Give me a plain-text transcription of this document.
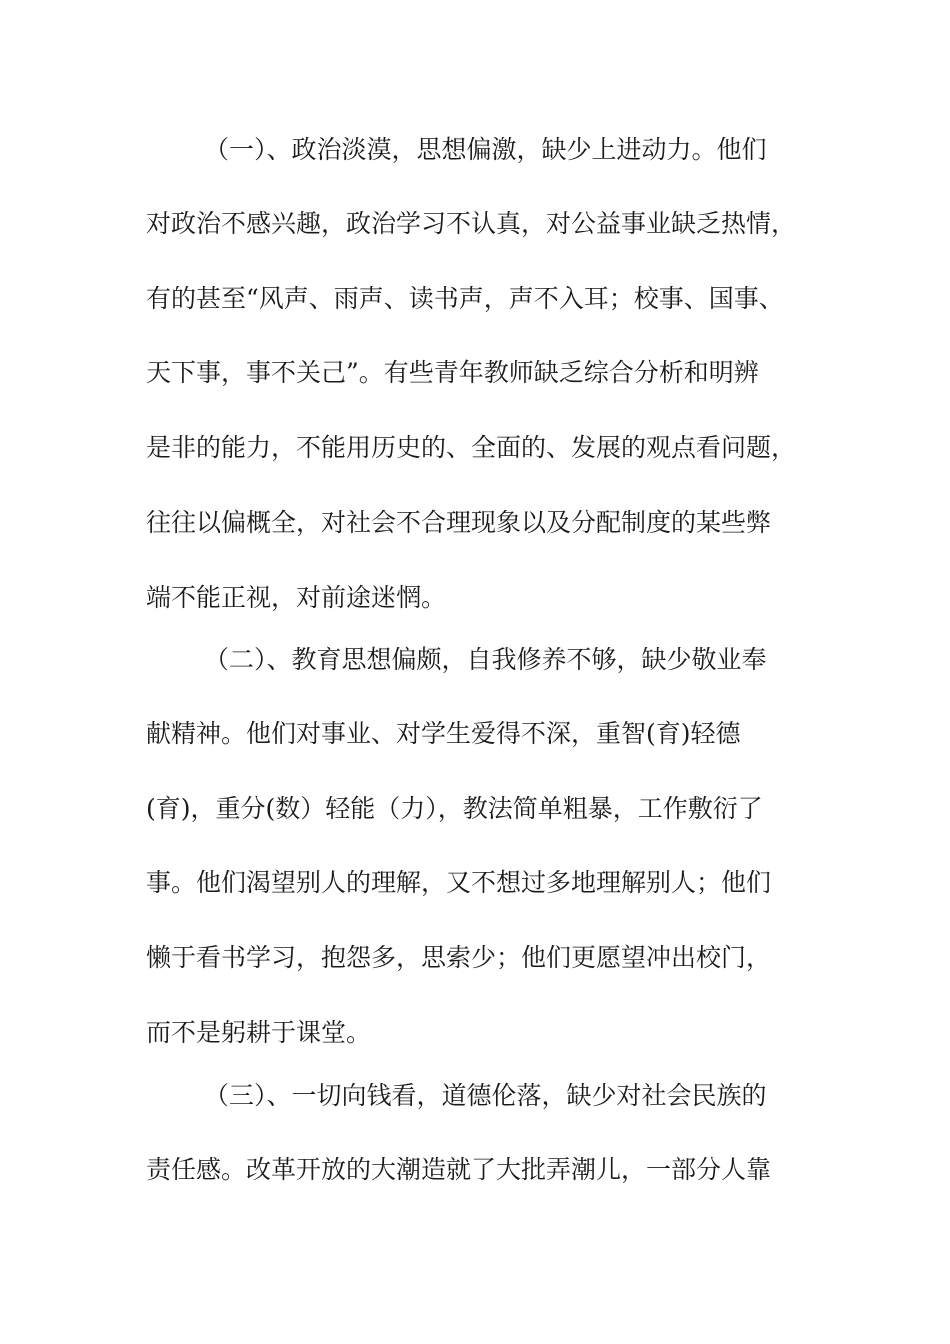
（一）、政治淡漠，思想偏激，缺少上进动力。他们
对政治不感兴趣，政治学习不认真，对公益事业缺乏热情，
有的甚至“风声、雨声、读书声，声不入耳；校事、国事、
天下事，事不关己”。有些青年教师缺乏综合分析和明辨
是非的能力，不能用历史的、全面的、发展的观点看问题，
往往以偏概全，对社会不合理现象以及分配制度的某些弊
端不能正视，对前途迷惘。
（二）、教育思想偏颇，自我修养不够，缺少敬业奉
献精神。他们对事业、对学生爱得不深，重智(育)轻德
(育)，重分(数）轻能（力），教法简单粗暴，工作敷衍了
事。他们渴望别人的理解，又不想过多地理解别人；他们
懒于看书学习，抱怨多，思索少；他们更愿望冲出校门，
而不是躬耕于课堂。
（三）、一切向钱看，道德伦落，缺少对社会民族的
责任感。改革开放的大潮造就了大批弄潮儿，一部分人靠
